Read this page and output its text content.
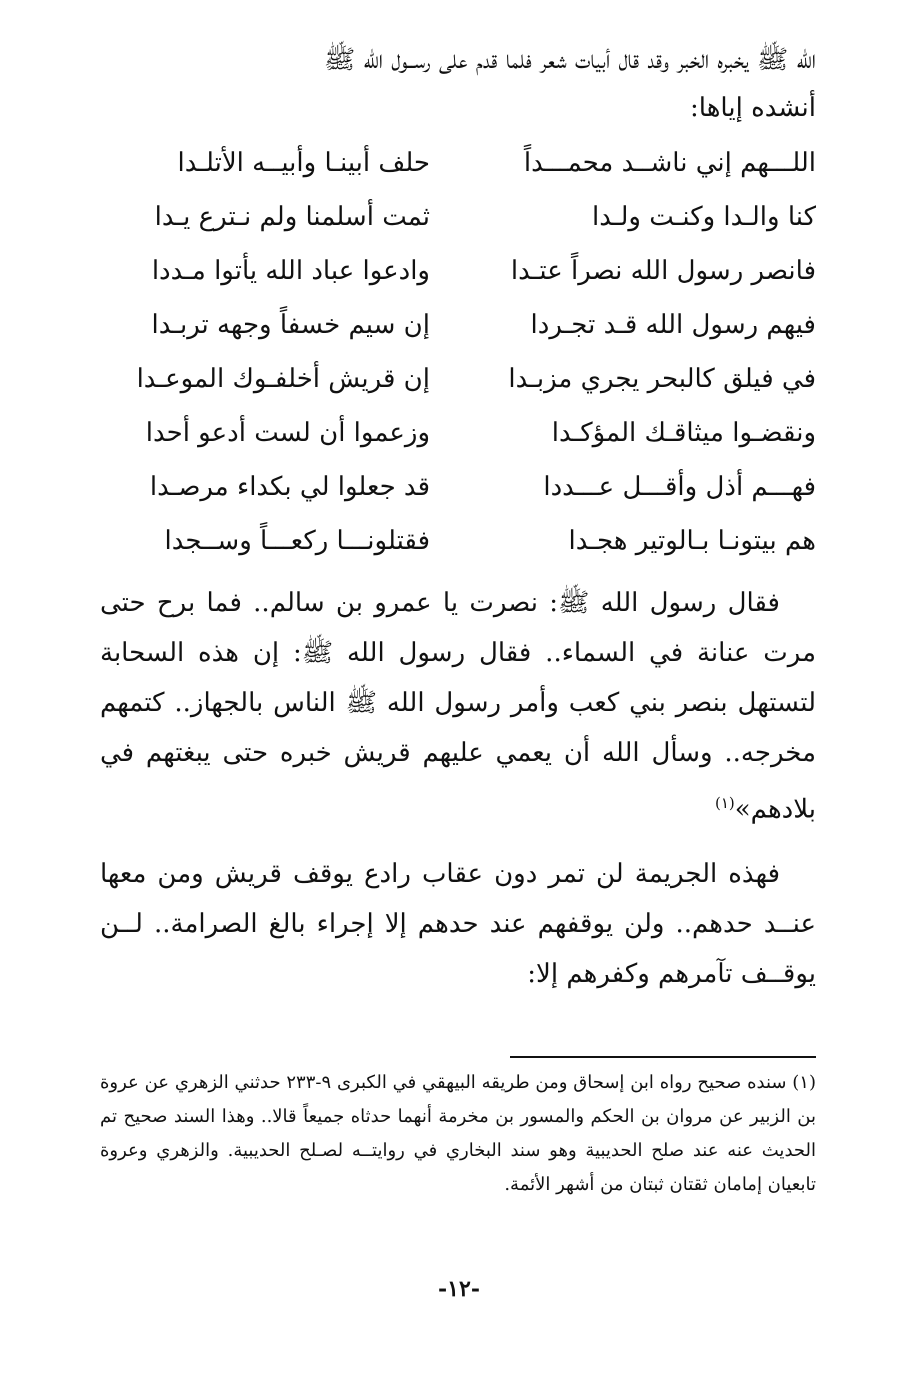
الله ﷺ يخبره الخبر وقد قال أبيات شعر فلما قدم على رســول الله ﷺ

أنشده إياها:

اللـــهم إني ناشــد محمـــداً
حلف أبينـا وأبيــه الأتلـدا
كنا والـدا وكنـت ولـدا
ثمت أسلمنا ولم نـترع يـدا
فانصر رسول الله نصراً عتـدا
وادعوا عباد الله يأتوا مـددا
فيهم رسول الله قـد تجـردا
إن سيم خسفاً وجهه تربـدا
في فيلق كالبحر يجري مزبـدا
إن قريش أخلفـوك الموعـدا
ونقضـوا ميثاقـك المؤكـدا
وزعموا أن لست أدعو أحدا
فهـــم أذل وأقـــل عـــددا
قد جعلوا لي بكداء مرصـدا
هم بيتونـا بـالوتير هجـدا
فقتلونـــا ركعـــاً وســجدا

فقال رسول الله ﷺ: نصرت يا عمرو بن سالم.. فما برح حتى مرت عنانة في السماء.. فقال رسول الله ﷺ: إن هذه السحابة لتستهل بنصر بني كعب وأمر رسول الله ﷺ الناس بالجهاز.. كتمهم مخرجه.. وسأل الله أن يعمي عليهم قريش خبره حتى يبغتهم في بلادهم»$^{(١)}$

فهذه الجريمة لن تمر دون عقاب رادع يوقف قريش ومن معها عنــد حدهم.. ولن يوقفهم عند حدهم إلا إجراء بالغ الصرامة.. لــن يوقــف تآمرهم وكفرهم إلا:

(١) سنده صحيح رواه ابن إسحاق ومن طريقه البيهقي في الكبرى ٩-٢٣٣ حدثني الزهري عن عروة بن الزبير عن مروان بن الحكم والمسور بن مخرمة أنهما حدثاه جميعاً قالا.. وهذا السند صحيح تم الحديث عنه عند صلح الحديبية وهو سند البخاري في روايتــه لصـلح الحديبية. والزهري وعروة تابعيان إمامان ثقتان ثبتان من أشهر الأئمة.

-١٢-
